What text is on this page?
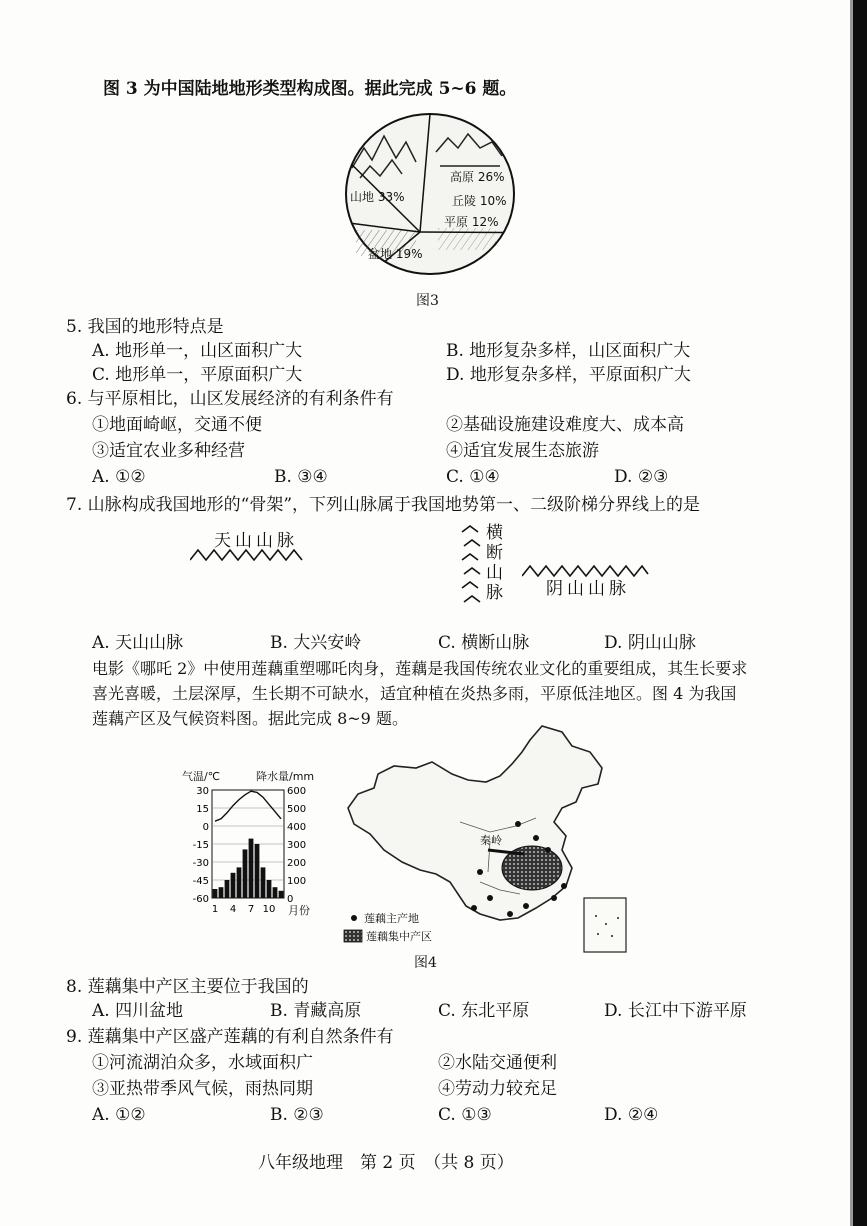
图 3 为中国陆地地形类型构成图。据此完成 5~6 题。
山地 33%
高原 26%
丘陵 10%
平原 12%
盆地 19%
图3
5. 我国的地形特点是
A. 地形单一，山区面积广大	B. 地形复杂多样，山区面积广大
C. 地形单一，平原面积广大	D. 地形复杂多样，平原面积广大
6. 与平原相比，山区发展经济的有利条件有
①地面崎岖，交通不便	②基础设施建设难度大、成本高
③适宜农业多种经营	④适宜发展生态旅游
A. ①②	B. ③④	C. ①④	D. ②③
7. 山脉构成我国地形的“骨架”，下列山脉属于我国地势第一、二级阶梯分界线上的是
天山山脉	横
断
山
脉	阴山山脉
A. 天山山脉	B. 大兴安岭	C. 横断山脉	D. 阴山山脉
电影《哪吒 2》中使用莲藕重塑哪吒肉身，莲藕是我国传统农业文化的重要组成，其生长要求喜光喜暖，土层深厚，生长期不可缺水，适宜种植在炎热多雨，平原低洼地区。图 4 为我国莲藕产区及气候资料图。据此完成 8~9 题。
气温/℃	降水量/mm
30	600
15	500
0	400
-15	300
-30	200
-45	100
-60	0
1 4 7 10 月份
秦岭
莲藕主产地
莲藕集中产区
图4
8. 莲藕集中产区主要位于我国的
A. 四川盆地	B. 青藏高原	C. 东北平原	D. 长江中下游平原
9. 莲藕集中产区盛产莲藕的有利自然条件有
①河流湖泊众多，水域面积广	②水陆交通便利
③亚热带季风气候，雨热同期	④劳动力较充足
A. ①②	B. ②③	C. ①③	D. ②④
八年级地理　第 2 页　（共 8 页）
